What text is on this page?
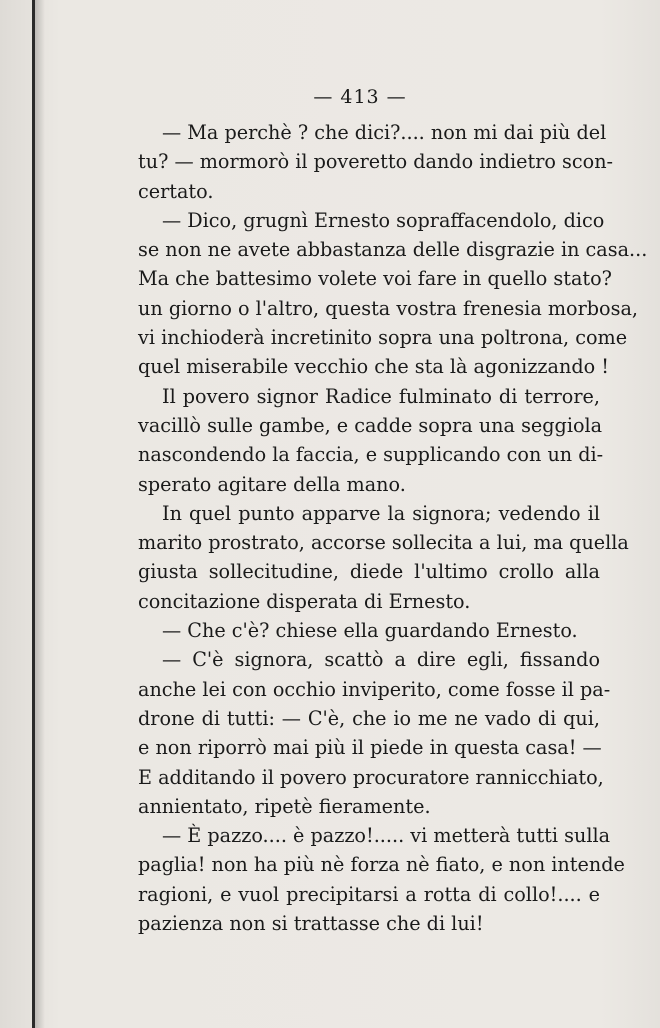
— 413 —
— Ma perchè ? che dici?.... non mi dai più del
tu? — mormorò il poveretto dando indietro scon-
certato.
— Dico, grugnì Ernesto sopraffacendolo, dico
se non ne avete abbastanza delle disgrazie in casa...
Ma che battesimo volete voi fare in quello stato?
un giorno o l'altro, questa vostra frenesia morbosa,
vi inchioderà incretinito sopra una poltrona, come
quel miserabile vecchio che sta là agonizzando !
Il povero signor Radice fulminato di terrore,
vacillò sulle gambe, e cadde sopra una seggiola
nascondendo la faccia, e supplicando con un di-
sperato agitare della mano.
In quel punto apparve la signora; vedendo il
marito prostrato, accorse sollecita a lui, ma quella
giusta sollecitudine, diede l'ultimo crollo alla
concitazione disperata di Ernesto.
— Che c'è? chiese ella guardando Ernesto.
— C'è signora, scattò a dire egli, fissando
anche lei con occhio inviperito, come fosse il pa-
drone di tutti: — C'è, che io me ne vado di qui,
e non riporrò mai più il piede in questa casa! —
E additando il povero procuratore rannicchiato,
annientato, ripetè fieramente.
— È pazzo.... è pazzo!..... vi metterà tutti sulla
paglia! non ha più nè forza nè fiato, e non intende
ragioni, e vuol precipitarsi a rotta di collo!.... e
pazienza non si trattasse che di lui!
